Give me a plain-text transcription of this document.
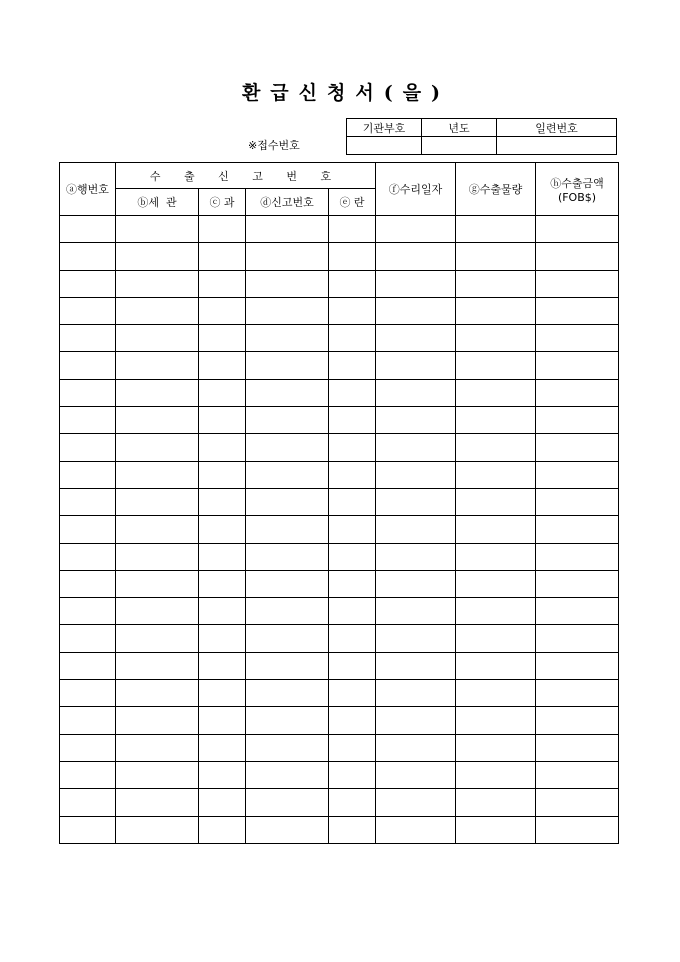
환급신청서(을)
※접수번호
기관부호	년도	일련번호

ⓐ행번호	수 출 신 고 번 호				ⓕ수리일자	ⓖ수출물량	ⓗ수출금액
(FOB$)

	ⓑ세  관	ⓒ 과	ⓓ신고번호	ⓔ 란			
